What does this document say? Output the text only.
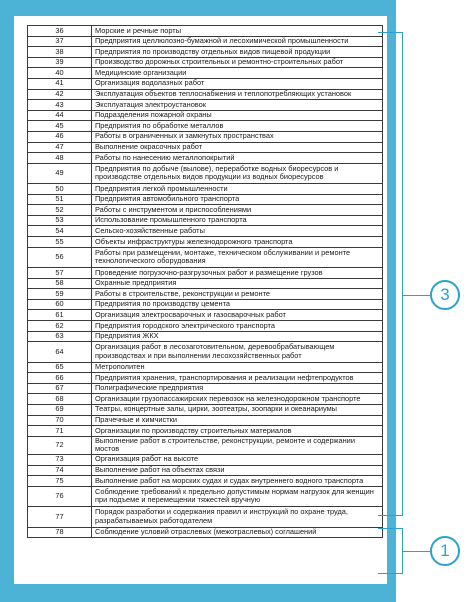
36	Морские и речные порты
37	Предприятия целлюлозно-бумажной и лесохимической промышленности
38	Предприятия по производству отдельных видов пищевой продукции
39	Производство дорожных строительных и ремонтно-строительных работ
40	Медицинские организации
41	Организация водолазных работ
42	Эксплуатация объектов теплоснабжения и теплопотребляющих установок
43	Эксплуатация электроустановок
44	Подразделения пожарной охраны
45	Предприятия по обработке металлов
46	Работы в ограниченных и замкнутых пространствах
47	Выполнение окрасочных работ
48	Работы по нанесению металлопокрытий
49	Предприятия по добыче (вылове), переработке водных биоресурсов и производстве отдельных видов продукции из водных биоресурсов
50	Предприятия легкой промышленности
51	Предприятия автомобильного транспорта
52	Работы с инструментом и приспособлениями
53	Использование промышленного транспорта
54	Сельско-хозяйственные работы
55	Объекты инфраструктуры железнодорожного транспорта
56	Работы при размещении, монтаже, техническом обслуживании и ремонте технологического оборудования
57	Проведение погрузочно-разгрузочных работ и размещение грузов
58	Охранные предприятия
59	Работы в строительстве, реконструкции и ремонте
60	Предприятия по производству цемента
61	Организация электросварочных и газосварочных работ
62	Предприятия городского электрического транспорта
63	Предприятия ЖКХ
64	Организация работ в лесозаготовительном, деревообрабатывающем производствах и при выполнении лесохозяйственных работ
65	Метрополитен
66	Предприятия хранения, транспортирования и реализации нефтепродуктов
67	Полиграфические предприятия
68	Организации грузопассажирских перевозок на железнодорожном транспорте
69	Театры, концертные залы, цирки, зоотеатры, зоопарки и океанариумы
70	Прачечные и химчистки
71	Организации по производству строительных материалов
72	Выполнение работ в строительстве, реконструкции, ремонте и содержании мостов
73	Организация работ на высоте
74	Выполнение работ на объектах связи
75	Выполнение работ на морских судах и судах внутреннего водного транспорта
76	Соблюдение требований к предельно допустимым нормам нагрузок для женщин при подъеме и перемещении тяжестей вручную
77	Порядок разработки и содержания правил и инструкций по охране труда, разрабатываемых работодателем
78	Соблюдение условий отраслевых (межотраслевых) соглашений
3
1
